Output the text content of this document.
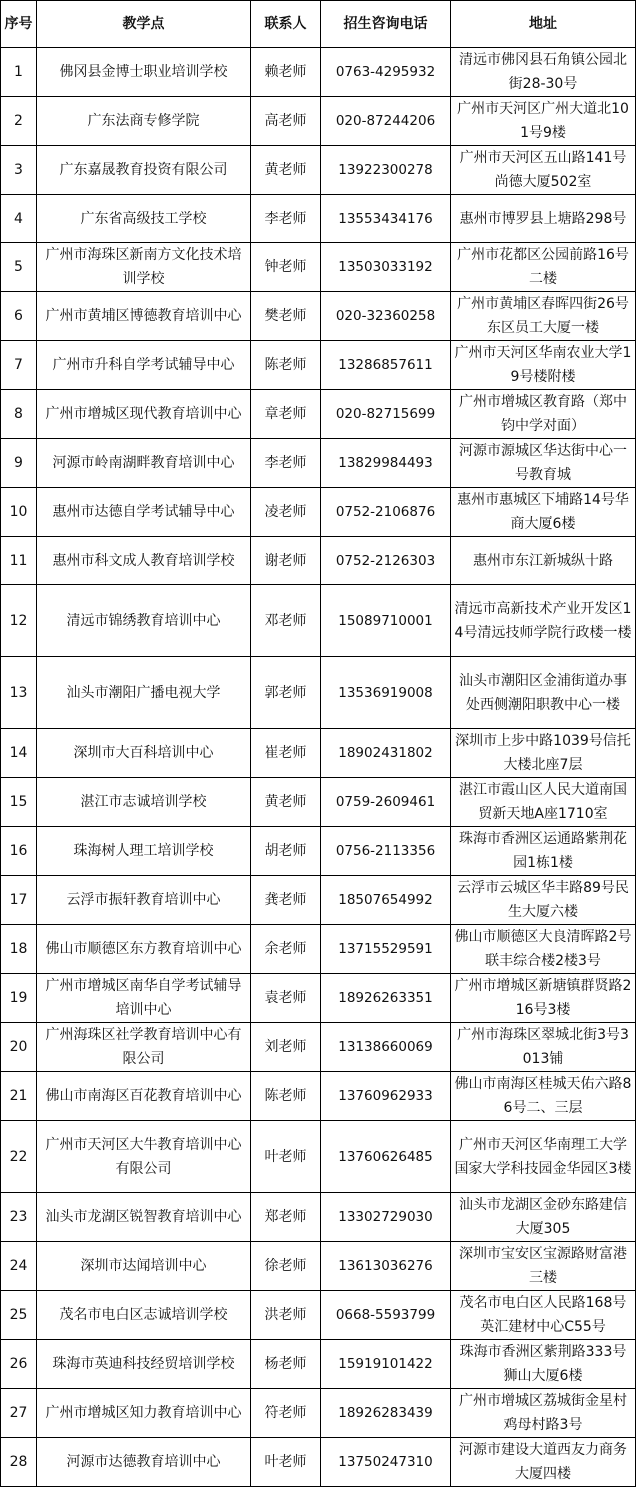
序号	教学点	联系人	招生咨询电话	地址
1	佛冈县金博士职业培训学校	赖老师	0763-4295932	清远市佛冈县石角镇公园北街28-30号
2	广东法商专修学院	高老师	020-87244206	广州市天河区广州大道北101号9楼
3	广东嘉晟教育投资有限公司	黄老师	13922300278	广州市天河区五山路141号尚德大厦502室
4	广东省高级技工学校	李老师	13553434176	惠州市博罗县上塘路298号
5	广州市海珠区新南方文化技术培训学校	钟老师	13503033192	广州市花都区公园前路16号二楼
6	广州市黄埔区博德教育培训中心	樊老师	020-32360258	广州市黄埔区春晖四街26号东区员工大厦一楼
7	广州市升科自学考试辅导中心	陈老师	13286857611	广州市天河区华南农业大学19号楼附楼
8	广州市增城区现代教育培训中心	章老师	020-82715699	广州市增城区教育路（郑中钧中学对面）
9	河源市岭南湖畔教育培训中心	李老师	13829984493	河源市源城区华达街中心一号教育城
10	惠州市达德自学考试辅导中心	凌老师	0752-2106876	惠州市惠城区下埔路14号华商大厦6楼
11	惠州市科文成人教育培训学校	谢老师	0752-2126303	惠州市东江新城纵十路
12	清远市锦绣教育培训中心	邓老师	15089710001	清远市高新技术产业开发区14号清远技师学院行政楼一楼
13	汕头市潮阳广播电视大学	郭老师	13536919008	汕头市潮阳区金浦街道办事处西侧潮阳职教中心一楼
14	深圳市大百科培训中心	崔老师	18902431802	深圳市上步中路1039号信托大楼北座7层
15	湛江市志诚培训学校	黄老师	0759-2609461	湛江市霞山区人民大道南国贸新天地A座1710室
16	珠海树人理工培训学校	胡老师	0756-2113356	珠海市香洲区运通路紫荆花园1栋1楼
17	云浮市振轩教育培训中心	龚老师	18507654992	云浮市云城区华丰路89号民生大厦六楼
18	佛山市顺德区东方教育培训中心	余老师	13715529591	佛山市顺德区大良清晖路2号联丰综合楼2楼3号
19	广州市增城区南华自学考试辅导培训中心	袁老师	18926263351	广州市增城区新塘镇群贤路216号3楼
20	广州海珠区社学教育培训中心有限公司	刘老师	13138660069	广州市海珠区翠城北街3号3013铺
21	佛山市南海区百花教育培训中心	陈老师	13760962933	佛山市南海区桂城天佑六路86号二、三层
22	广州市天河区大牛教育培训中心有限公司	叶老师	13760626485	广州市天河区华南理工大学国家大学科技园金华园区3楼
23	汕头市龙湖区锐智教育培训中心	郑老师	13302729030	汕头市龙湖区金砂东路建信大厦305
24	深圳市达闻培训中心	徐老师	13613036276	深圳市宝安区宝源路财富港三楼
25	茂名市电白区志诚培训学校	洪老师	0668-5593799	茂名市电白区人民路168号英汇建材中心C55号
26	珠海市英迪科技经贸培训学校	杨老师	15919101422	珠海市香洲区紫荆路333号狮山大厦6楼
27	广州市增城区知力教育培训中心	符老师	18926283439	广州市增城区荔城街金星村鸡母村路3号
28	河源市达德教育培训中心	叶老师	13750247310	河源市建设大道西友力商务大厦四楼
